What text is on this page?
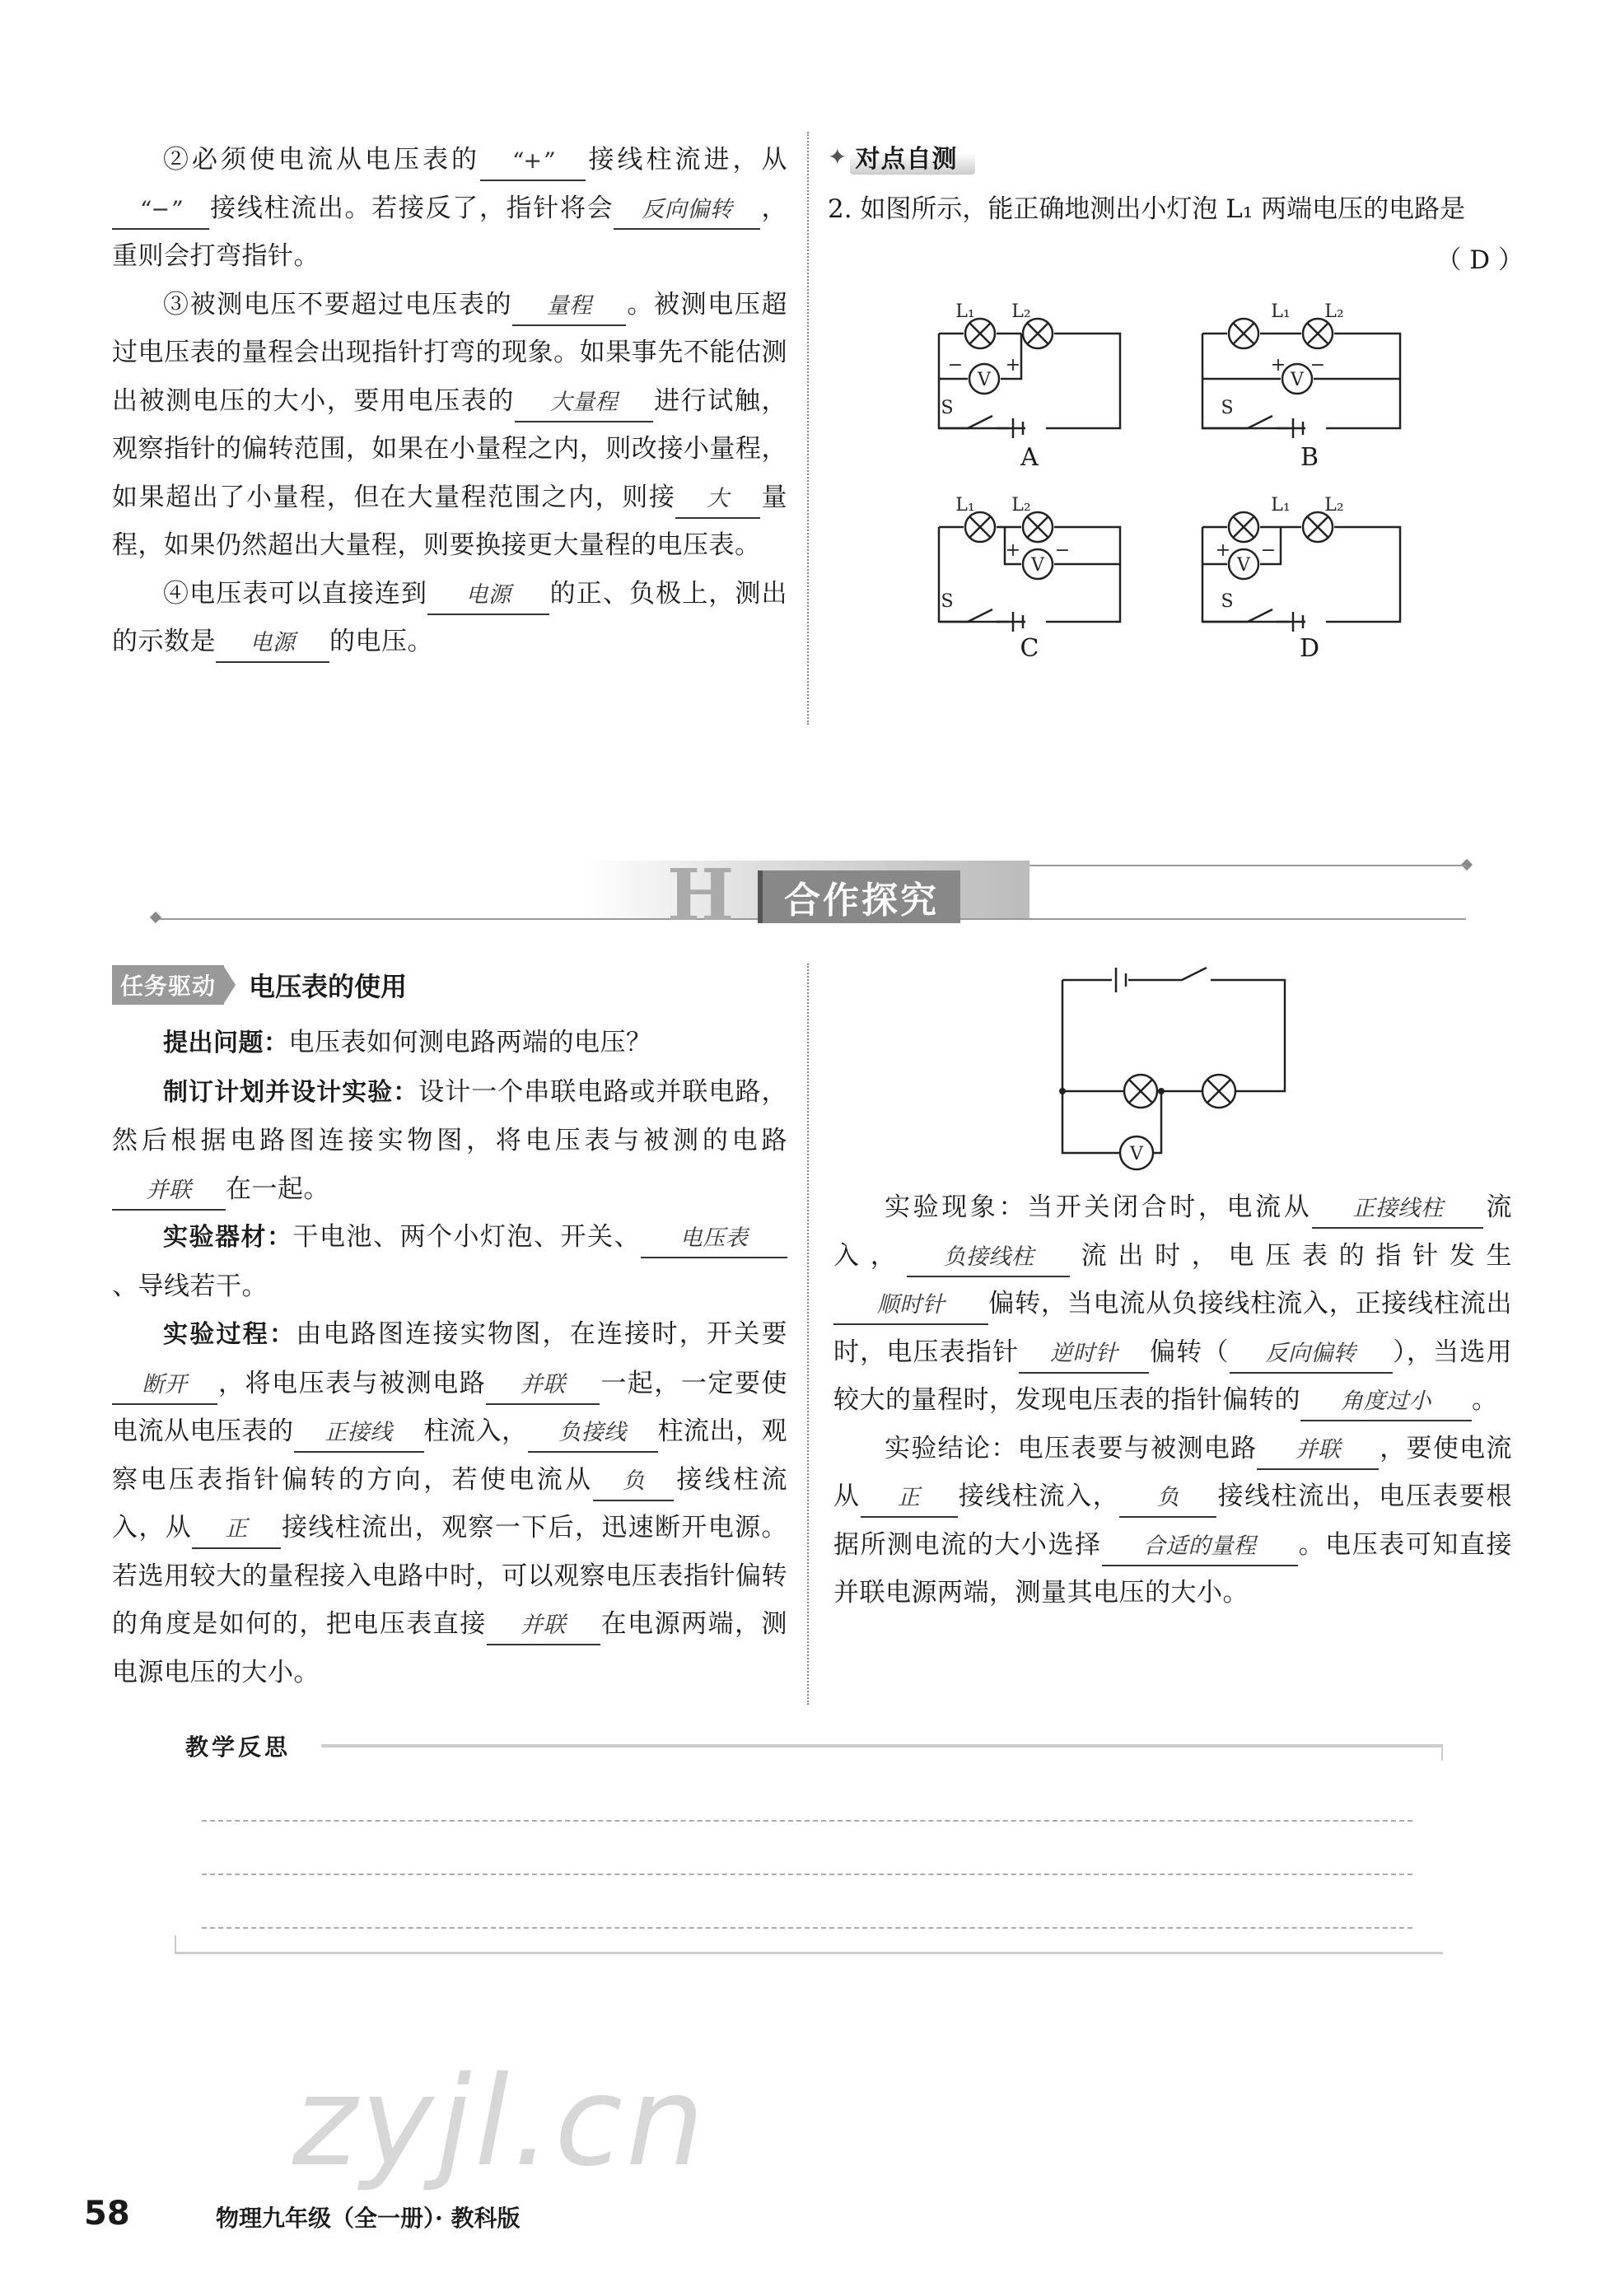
②必须使电流从电压表的 “+” 接线柱流进，从“−” 接线柱流出。若接反了，指针将会 反向偏转 ，重则会打弯指针。

③被测电压不要超过电压表的 量程 。被测电压超过电压表的量程会出现指针打弯的现象。如果事先不能估测出被测电压的大小，要用电压表的 大量程 进行试触，观察指针的偏转范围，如果在小量程之内，则改接小量程，如果超出了小量程，但在大量程范围之内，则接 大 量程，如果仍然超出大量程，则要换接更大量程的电压表。

④电压表可以直接连到 电源 的正、负极上，测出的示数是 电源 的电压。

✦ 对点自测
2. 如图所示，能正确地测出小灯泡 L₁ 两端电压的电路是
（ D ）
V
L₁ L₂
− +
S
V
L₁ L₂
+ −
S
V
L₁ L₂
+ −
S
V
L₁ L₂
+ −
S
A	B
C	D
H	合作探究
任务驱动	电压表的使用

提出问题：电压表如何测电路两端的电压？

制订计划并设计实验：设计一个串联电路或并联电路，然后根据电路图连接实物图，将电压表与被测的电路并联 在一起。

实验器材：干电池、两个小灯泡、开关、 电压表、导线若干。

实验过程：由电路图连接实物图，在连接时，开关要断开 ，将电压表与被测电路 并联 一起，一定要使电流从电压表的 正接线 柱流入， 负接线 柱流出，观察电压表指针偏转的方向，若使电流从 负 接线柱流入，从 正 接线柱流出，观察一下后，迅速断开电源。若选用较大的量程接入电路中时，可以观察电压表指针偏转的角度是如何的，把电压表直接 并联 在电源两端，测电源电压的大小。

V

实验现象：当开关闭合时，电流从 正接线柱 流入， 负接线柱 流出时，电压表的指针发生顺时针 偏转，当电流从负接线柱流入，正接线柱流出时，电压表指针 逆时针 偏转（ 反向偏转 ），当选用较大的量程时，发现电压表的指针偏转的 角度过小 。

实验结论：电压表要与被测电路 并联 ，要使电流从 正 接线柱流入， 负 接线柱流出，电压表要根据所测电流的大小选择 合适的量程 。电压表可知直接并联电源两端，测量其电压的大小。

教学反思
zyjl.cn
58	物理九年级（全一册）· 教科版
